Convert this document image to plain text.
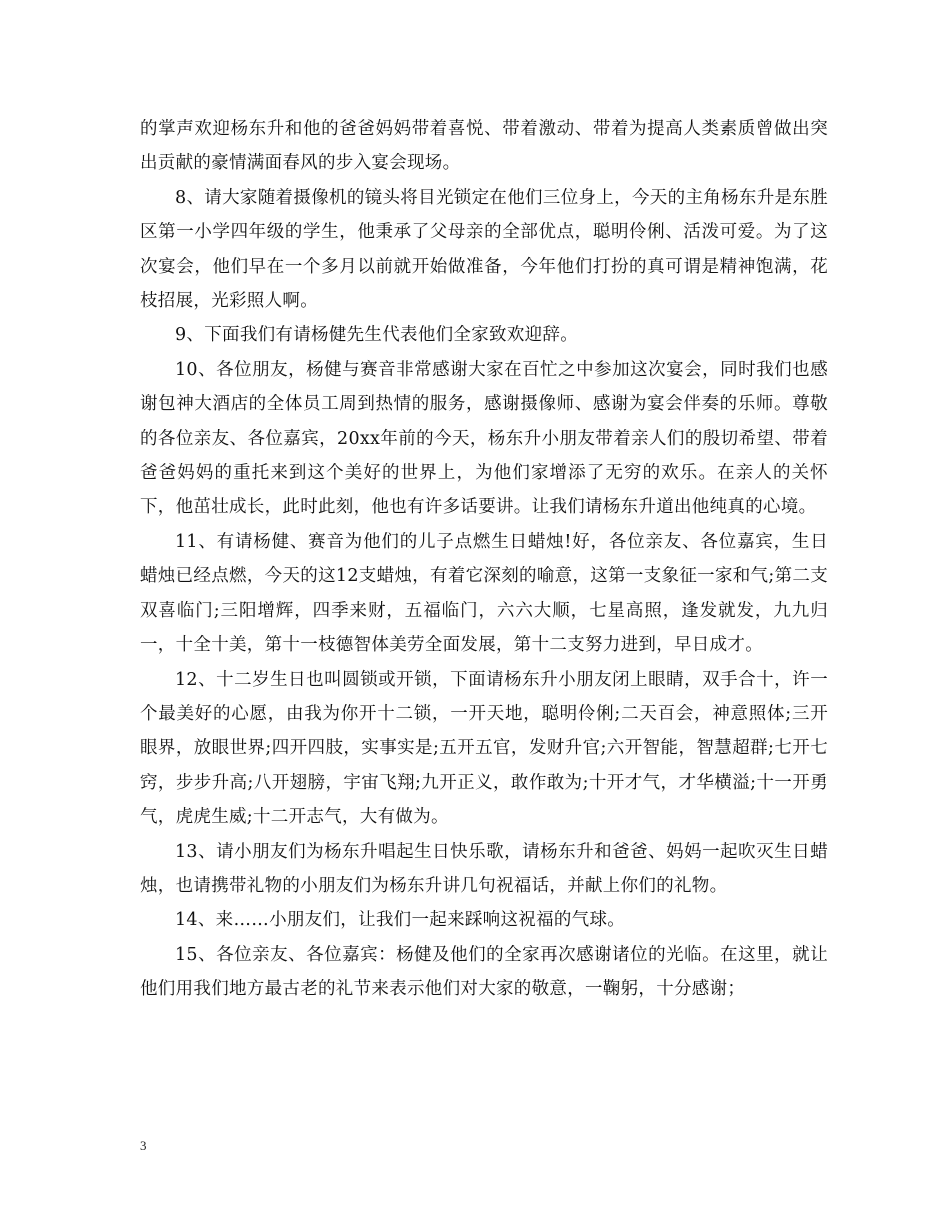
的掌声欢迎杨东升和他的爸爸妈妈带着喜悦、带着激动、带着为提高人类素质曾做出突出贡献的豪情满面春风的步入宴会现场。

8、请大家随着摄像机的镜头将目光锁定在他们三位身上，今天的主角杨东升是东胜区第一小学四年级的学生，他秉承了父母亲的全部优点，聪明伶俐、活泼可爱。为了这次宴会，他们早在一个多月以前就开始做准备，今年他们打扮的真可谓是精神饱满，花枝招展，光彩照人啊。

9、下面我们有请杨健先生代表他们全家致欢迎辞。

10、各位朋友，杨健与赛音非常感谢大家在百忙之中参加这次宴会，同时我们也感谢包神大酒店的全体员工周到热情的服务，感谢摄像师、感谢为宴会伴奏的乐师。尊敬的各位亲友、各位嘉宾，20xx年前的今天，杨东升小朋友带着亲人们的殷切希望、带着爸爸妈妈的重托来到这个美好的世界上，为他们家增添了无穷的欢乐。在亲人的关怀下，他茁壮成长，此时此刻，他也有许多话要讲。让我们请杨东升道出他纯真的心境。

11、有请杨健、赛音为他们的儿子点燃生日蜡烛!好，各位亲友、各位嘉宾，生日蜡烛已经点燃，今天的这12支蜡烛，有着它深刻的喻意，这第一支象征一家和气;第二支双喜临门;三阳增辉，四季来财，五福临门，六六大顺，七星高照，逢发就发，九九归一，十全十美，第十一枝德智体美劳全面发展，第十二支努力进到，早日成才。

12、十二岁生日也叫圆锁或开锁，下面请杨东升小朋友闭上眼睛，双手合十，许一个最美好的心愿，由我为你开十二锁，一开天地，聪明伶俐;二天百会，神意照体;三开眼界，放眼世界;四开四肢，实事实是;五开五官，发财升官;六开智能，智慧超群;七开七窍，步步升高;八开翅膀，宇宙飞翔;九开正义，敢作敢为;十开才气，才华横溢;十一开勇气，虎虎生威;十二开志气，大有做为。

13、请小朋友们为杨东升唱起生日快乐歌，请杨东升和爸爸、妈妈一起吹灭生日蜡烛，也请携带礼物的小朋友们为杨东升讲几句祝福话，并献上你们的礼物。

14、来……小朋友们，让我们一起来踩响这祝福的气球。

15、各位亲友、各位嘉宾：杨健及他们的全家再次感谢诸位的光临。在这里，就让他们用我们地方最古老的礼节来表示他们对大家的敬意，一鞠躬，十分感谢；

3
